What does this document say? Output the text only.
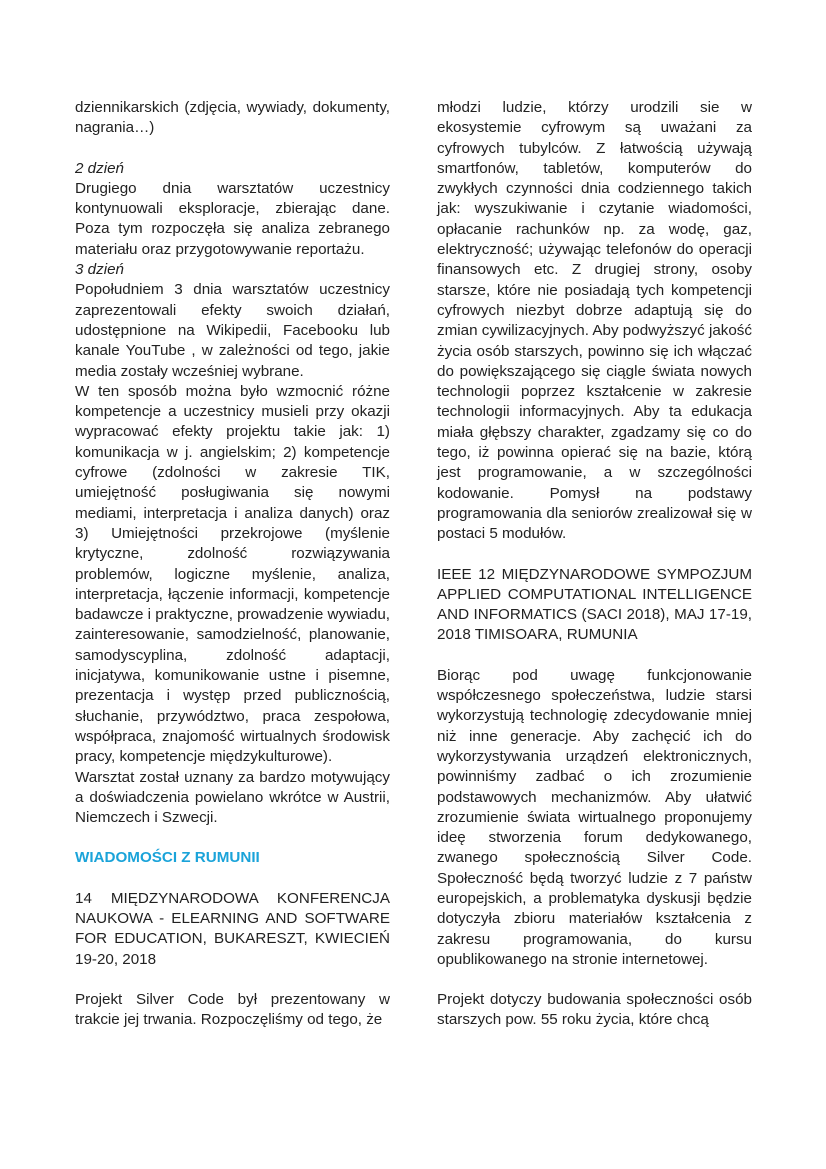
dziennikarskich (zdjęcia, wywiady, dokumenty, nagrania…)

2 dzień

Drugiego dnia warsztatów uczestnicy kontynuowali eksploracje, zbierając dane. Poza tym rozpoczęła się analiza zebranego materiału oraz przygotowywanie reportażu.

3 dzień

Popołudniem 3 dnia warsztatów uczestnicy zaprezentowali efekty swoich działań, udostępnione na Wikipedii, Facebooku lub kanale YouTube , w zależności od tego, jakie media zostały wcześniej wybrane.

W ten sposób można było wzmocnić różne kompetencje a uczestnicy musieli przy okazji wypracować efekty projektu takie jak: 1) komunikacja w j. angielskim; 2) kompetencje cyfrowe (zdolności w zakresie TIK, umiejętność posługiwania się nowymi mediami, interpretacja i analiza danych) oraz 3) Umiejętności przekrojowe (myślenie krytyczne, zdolność rozwiązywania problemów, logiczne myślenie, analiza, interpretacja, łączenie informacji, kompetencje badawcze i praktyczne, prowadzenie wywiadu, zainteresowanie, samodzielność, planowanie, samodyscyplina, zdolność adaptacji, inicjatywa, komunikowanie ustne i pisemne, prezentacja i występ przed publicznością, słuchanie, przywództwo, praca zespołowa, współpraca, znajomość wirtualnych środowisk pracy, kompetencje międzykulturowe).

Warsztat został uznany za bardzo motywujący a doświadczenia powielano wkrótce w Austrii, Niemczech i Szwecji.

WIADOMOŚCI Z RUMUNII

14 MIĘDZYNARODOWA KONFERENCJA NAUKOWA - ELEARNING AND SOFTWARE FOR EDUCATION, BUKARESZT, KWIECIEŃ 19-20, 2018

Projekt Silver Code był prezentowany w trakcie jej trwania. Rozpoczęliśmy od tego, że

młodzi ludzie, którzy urodzili sie w ekosystemie cyfrowym są uważani za cyfrowych tubylców. Z łatwością używają smartfonów, tabletów, komputerów do zwykłych czynności dnia codziennego takich jak: wyszukiwanie i czytanie wiadomości, opłacanie rachunków np. za wodę, gaz, elektryczność; używając telefonów do operacji finansowych etc. Z drugiej strony, osoby starsze, które nie posiadają tych kompetencji cyfrowych niezbyt dobrze adaptują się do zmian cywilizacyjnych. Aby podwyższyć jakość życia osób starszych, powinno się ich włączać do powiększającego się ciągle świata nowych technologii poprzez kształcenie w zakresie technologii informacyjnych. Aby ta edukacja miała głębszy charakter, zgadzamy się co do tego, iż powinna opierać się na bazie, którą jest programowanie, a w szczególności kodowanie. Pomysł na podstawy programowania dla seniorów zrealizował się w postaci 5 modułów.

IEEE 12 MIĘDZYNARODOWE SYMPOZJUM APPLIED COMPUTATIONAL INTELLIGENCE AND INFORMATICS (SACI 2018), MAJ 17-19, 2018 TIMISOARA, RUMUNIA

Biorąc pod uwagę funkcjonowanie współczesnego społeczeństwa, ludzie starsi wykorzystują technologię zdecydowanie mniej niż inne generacje. Aby zachęcić ich do wykorzystywania urządzeń elektronicznych, powinniśmy zadbać o ich zrozumienie podstawowych mechanizmów. Aby ułatwić zrozumienie świata wirtualnego proponujemy ideę stworzenia forum dedykowanego, zwanego społecznością Silver Code. Społeczność będą tworzyć ludzie z 7 państw europejskich, a problematyka dyskusji będzie dotyczyła zbioru materiałów kształcenia z zakresu programowania, do kursu opublikowanego na stronie internetowej.

Projekt dotyczy budowania społeczności osób starszych pow. 55 roku życia, które chcą
